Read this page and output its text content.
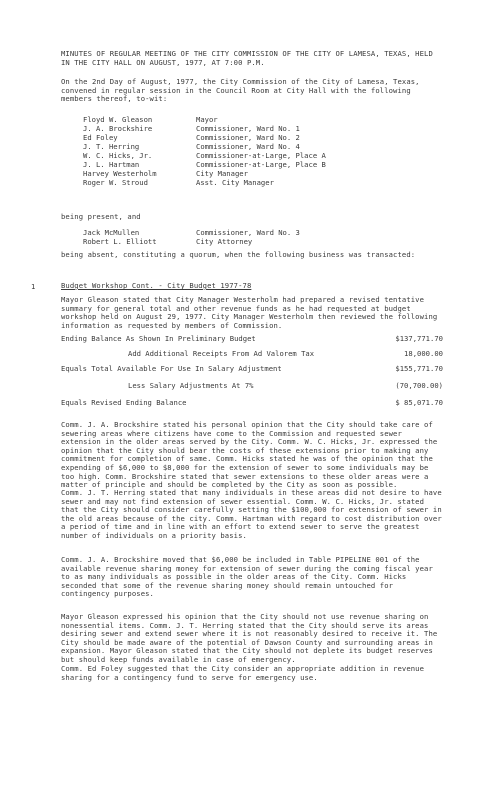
MINUTES OF REGULAR MEETING OF THE CITY COMMISSION OF THE CITY OF LAMESA, TEXAS, HELD IN THE CITY HALL ON AUGUST, 1977, AT 7:00 P.M.
On the 2nd Day of August, 1977, the City Commission of the City of Lamesa, Texas, convened in regular session in the Council Room at City Hall with the following members thereof, to-wit:
Floyd W. Gleason	Mayor
J. A. Brockshire	Commissioner, Ward No. 1
Ed Foley	Commissioner, Ward No. 2
J. T. Herring	Commissioner, Ward No. 4
W. C. Hicks, Jr.	Commissioner-at-Large, Place A
J. L. Hartman	Commissioner-at-Large, Place B
Harvey Westerholm	City Manager
Roger W. Stroud	Asst. City Manager
being present, and
Jack McMullen	Commissioner, Ward No. 3
Robert L. Elliott	City Attorney
being absent, constituting a quorum, when the following business was transacted:
1	Budget Workshop Cont. - City Budget 1977-78
Mayor Gleason stated that City Manager Westerholm had prepared a revised tentative summary for general total and other revenue funds as he had requested at budget workshop held on August 29, 1977. City Manager Westerholm then reviewed the following information as requested by members of Commission.
Ending Balance As Shown In Preliminary Budget	$137,771.70
Add Additional Receipts From Ad Valorem Tax	18,000.00
Equals Total Available For Use In Salary Adjustment	$155,771.70
Less Salary Adjustments At 7%	(70,700.00)
Equals Revised Ending Balance	$ 85,071.70
Comm. J. A. Brockshire stated his personal opinion that the City should take care of sewering areas where citizens have come to the Commission and requested sewer extension in the older areas served by the City. Comm. W. C. Hicks, Jr. expressed the opinion that the City should bear the costs of these extensions prior to making any commitment for completion of same. Comm. Hicks stated he was of the opinion that the expending of $6,000 to $8,000 for the extension of sewer to some individuals may be too high. Comm. Brockshire stated that sewer extensions to these older areas were a matter of principle and should be completed by the City as soon as possible.
Comm. J. T. Herring stated that many individuals in these areas did not desire to have sewer and may not find extension of sewer essential. Comm. W. C. Hicks, Jr. stated that the City should consider carefully setting the $100,000 for extension of sewer in the old areas because of the city. Comm. Hartman with regard to cost distribution over a period of time and in line with an effort to extend sewer to serve the greatest number of individuals on a priority basis.
Comm. J. A. Brockshire moved that $6,000 be included in Table PIPELINE 001 of the available revenue sharing money for extension of sewer during the coming fiscal year to as many individuals as possible in the older areas of the City. Comm. Hicks seconded that some of the revenue sharing money should remain untouched for contingency purposes.
Mayor Gleason expressed his opinion that the City should not use revenue sharing on nonessential items. Comm. J. T. Herring stated that the City should serve its areas desiring sewer and extend sewer where it is not reasonably desired to receive it. The City should be made aware of the potential of Dawson County and surrounding areas in expansion. Mayor Gleason stated that the City should not deplete its budget reserves but should keep funds available in case of emergency.
Comm. Ed Foley suggested that the City consider an appropriate addition in revenue sharing for a contingency fund to serve for emergency use.
